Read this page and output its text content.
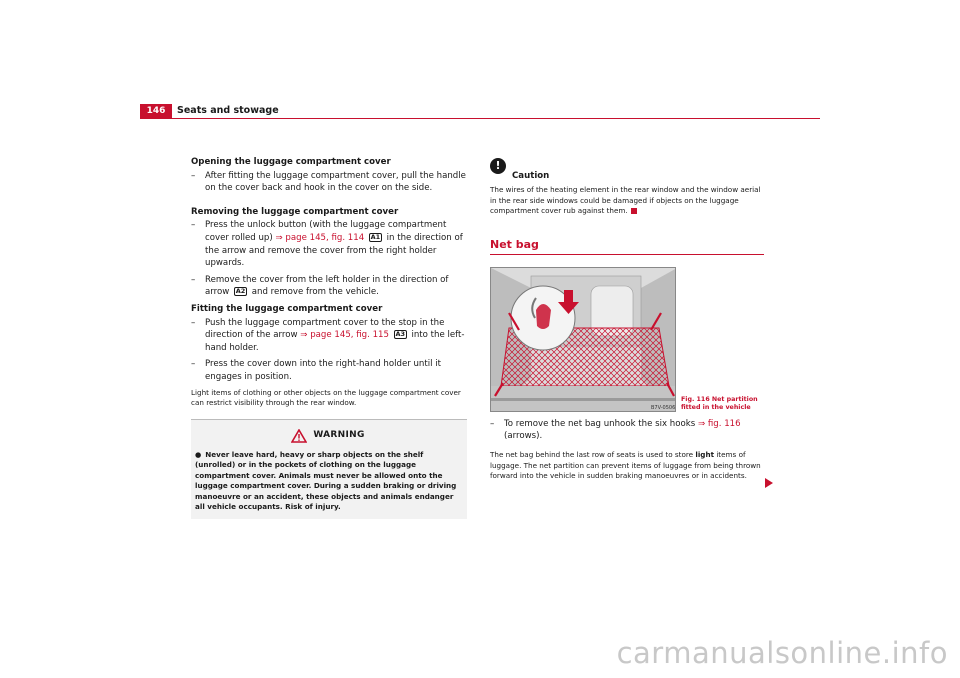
146	Seats and stowage
Opening the luggage compartment cover
– After fitting the luggage compartment cover, pull the handle on the cover back and hook in the cover on the side.
Removing the luggage compartment cover
– Press the unlock button (with the luggage compartment cover rolled up) ⇒ page 145, fig. 114 A1 in the direction of the arrow and remove the cover from the right holder upwards.
– Remove the cover from the left holder in the direction of arrow A2 and remove from the vehicle.
Fitting the luggage compartment cover
– Push the luggage compartment cover to the stop in the direction of the arrow ⇒ page 145, fig. 115 A3 into the left-hand holder.
– Press the cover down into the right-hand holder until it engages in position.
Light items of clothing or other objects on the luggage compartment cover can restrict visibility through the rear window.
WARNING
● Never leave hard, heavy or sharp objects on the shelf (unrolled) or in the pockets of clothing on the luggage compartment cover. Animals must never be allowed onto the luggage compartment cover. During a sudden braking or driving manoeuvre or an accident, these objects and animals endanger all vehicle occupants. Risk of injury.
!
Caution
The wires of the heating element in the rear window and the window aerial in the rear side windows could be damaged if objects on the luggage compartment cover rub against them.
Net bag
B7V-0506
Fig. 116 Net partition fitted in the vehicle
– To remove the net bag unhook the six hooks ⇒ fig. 116 (arrows).
The net bag behind the last row of seats is used to store light items of luggage. The net partition can prevent items of luggage from being thrown forward into the vehicle in sudden braking manoeuvres or in accidents.
carmanualsonline.info
